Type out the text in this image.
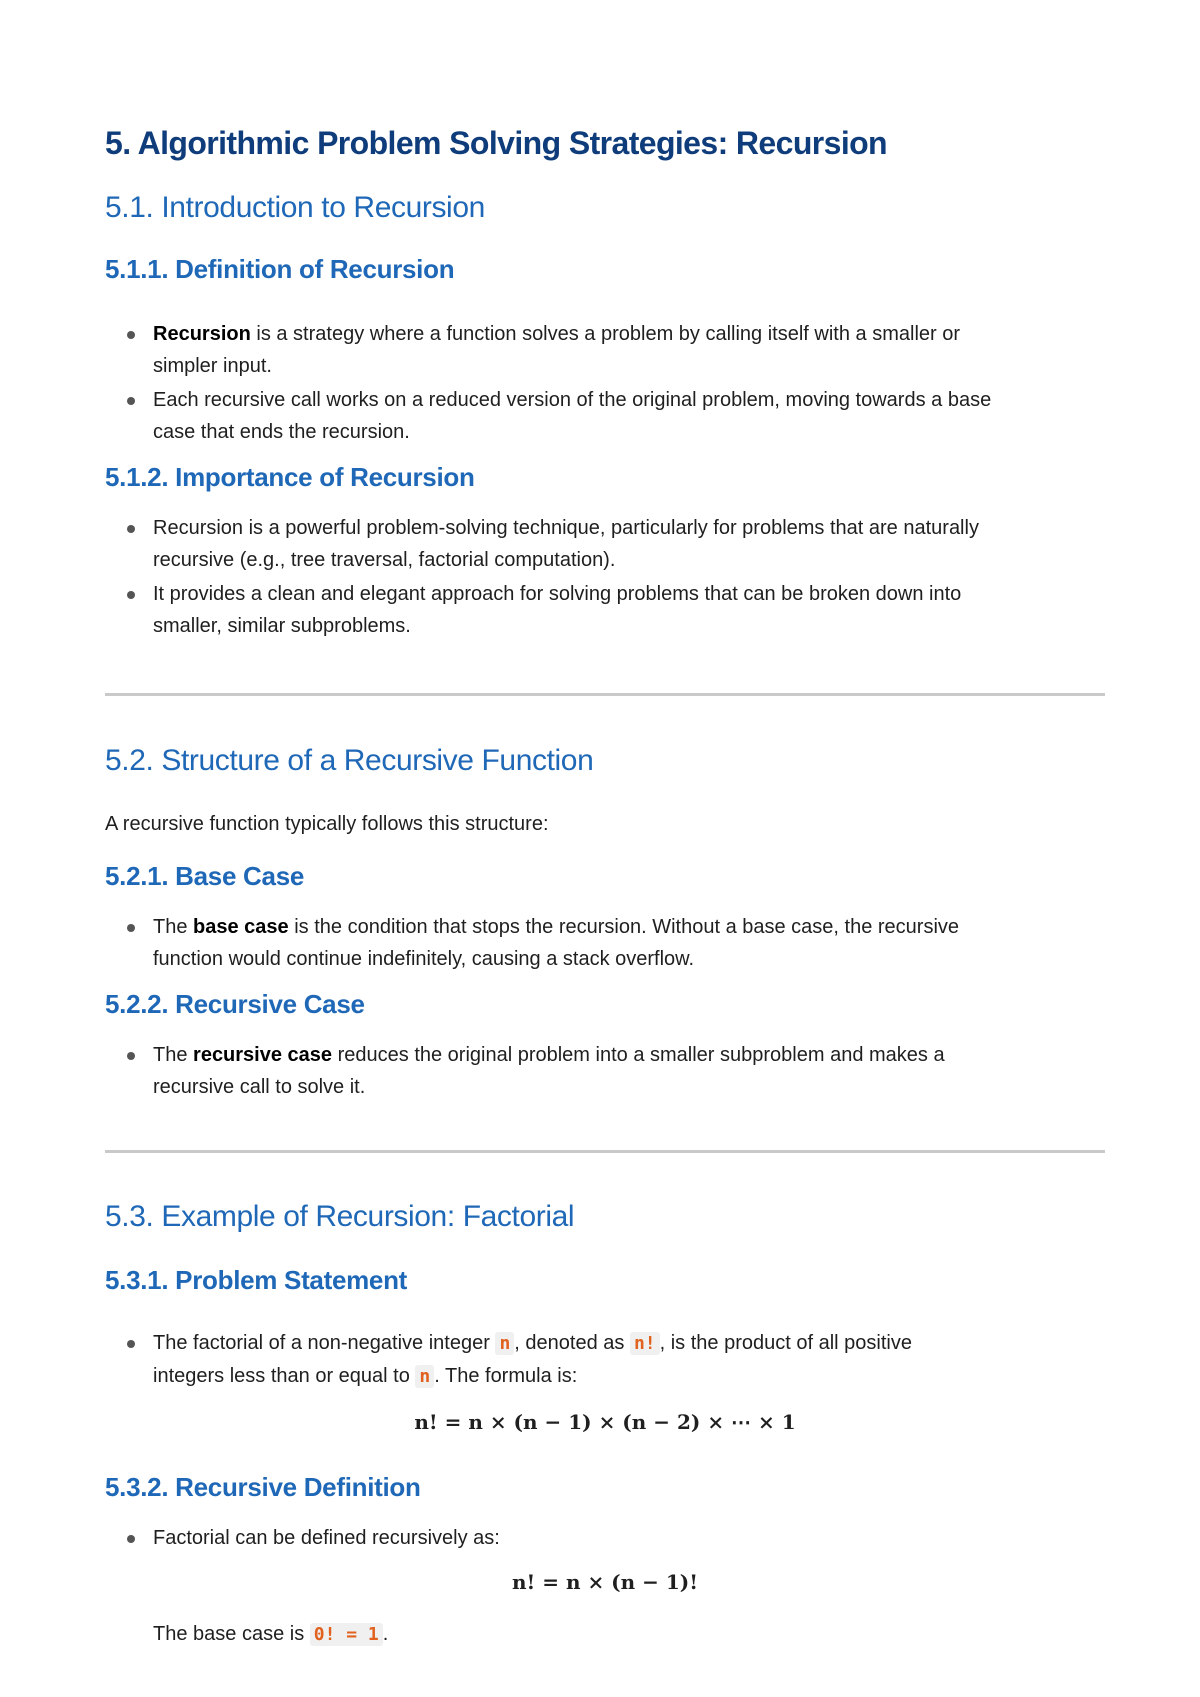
5. Algorithmic Problem Solving Strategies: Recursion
5.1. Introduction to Recursion
5.1.1. Definition of Recursion
Recursion is a strategy where a function solves a problem by calling itself with a smaller or
simpler input.
Each recursive call works on a reduced version of the original problem, moving towards a base
case that ends the recursion.
5.1.2. Importance of Recursion
Recursion is a powerful problem-solving technique, particularly for problems that are naturally
recursive (e.g., tree traversal, factorial computation).
It provides a clean and elegant approach for solving problems that can be broken down into
smaller, similar subproblems.
5.2. Structure of a Recursive Function

A recursive function typically follows this structure:

5.2.1. Base Case
The base case is the condition that stops the recursion. Without a base case, the recursive
function would continue indefinitely, causing a stack overflow.
5.2.2. Recursive Case
The recursive case reduces the original problem into a smaller subproblem and makes a
recursive call to solve it.
5.3. Example of Recursion: Factorial
5.3.1. Problem Statement
The factorial of a non-negative integer n , denoted as n! , is the product of all positive
integers less than or equal to n . The formula is:
n! = n × (n − 1) × (n − 2) × ⋯ × 1
5.3.2. Recursive Definition
Factorial can be defined recursively as:
n! = n × (n − 1)!

The base case is 0! = 1 .
